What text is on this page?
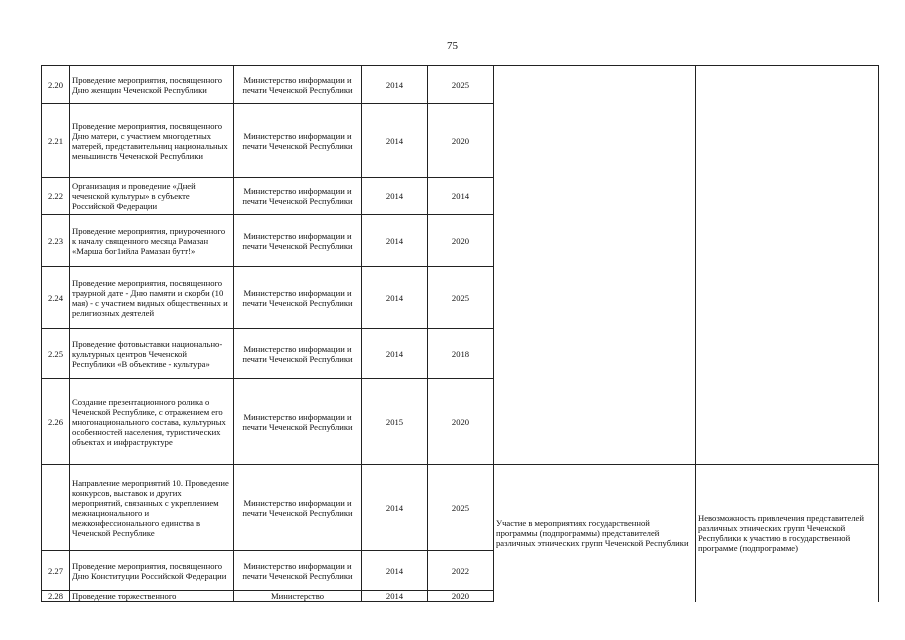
75
2.20	Проведение мероприятия, посвященного Дню женщин Чеченской Республики	Министерство информации и печати Чеченской Республики	2014	2025		
2.21	Проведение мероприятия, посвященного Дню матери, с участием многодетных матерей, представительниц национальных меньшинств Чеченской Республики	Министерство информации и печати Чеченской Республики	2014	2020		
2.22	Организация и проведение «Дней чеченской культуры» в субъекте Российской Федерации	Министерство информации и печати Чеченской Республики	2014	2014		
2.23	Проведение мероприятия, приуроченного к началу священного месяца Рамазан «Марша бог1ийла Рамазан бутт!»	Министерство информации и печати Чеченской Республики	2014	2020		
2.24	Проведение мероприятия, посвященного траурной дате - Дню памяти и скорби (10 мая) - с участием видных общественных и религиозных деятелей	Министерство информации и печати Чеченской Республики	2014	2025		
2.25	Проведение фотовыставки национально-культурных центров Чеченской Республики «В объективе - культура»	Министерство информации и печати Чеченской Республики	2014	2018		
2.26	Создание презентационного ролика о Чеченской Республике, с отражением его многонационального состава, культурных особенностей населения, туристических объектах и инфраструктуре	Министерство информации и печати Чеченской Республики	2015	2020		
	Направление мероприятий 10. Проведение конкурсов, выставок и других мероприятий, связанных с укреплением межнационального и межконфессионального единства в Чеченской Республике	Министерство информации и печати Чеченской Республики	2014	2025	Участие в мероприятиях государственной программы (подпрограммы) представителей различных этнических групп Чеченской Республики	Невозможность привлечения представителей различных этнических групп Чеченской Республики к участию в государственной программе (подпрограмме)
2.27	Проведение мероприятия, посвященного Дню Конституции Российской Федерации	Министерство информации и печати Чеченской Республики	2014	2022		
2.28	Проведение торжественного	Министерство	2014	2020		
